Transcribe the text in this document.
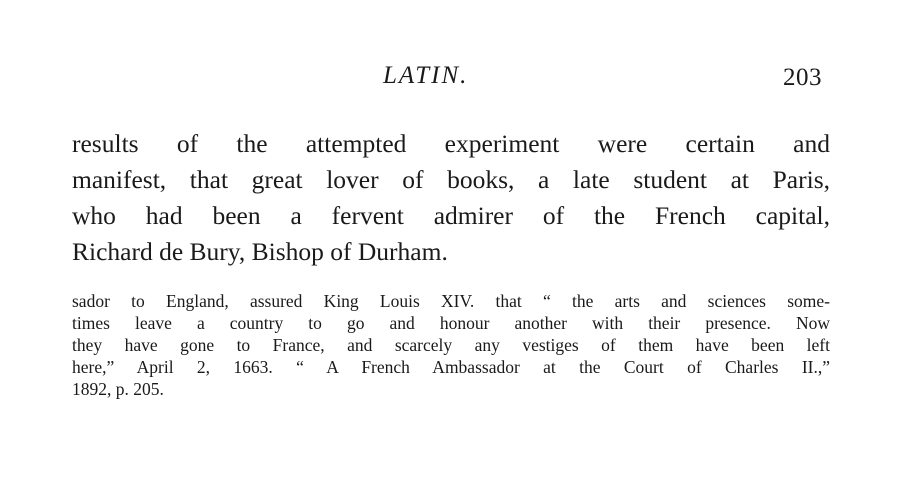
LATIN.	203
results of the attempted experiment were certain and
manifest, that great lover of books, a late student at Paris,
who had been a fervent admirer of the French capital,
Richard de Bury, Bishop of Durham.
sador to England, assured King Louis XIV. that “ the arts and sciences some-
times leave a country to go and honour another with their presence. Now
they have gone to France, and scarcely any vestiges of them have been left
here,” April 2, 1663. “ A French Ambassador at the Court of Charles II.,”
1892, p. 205.
